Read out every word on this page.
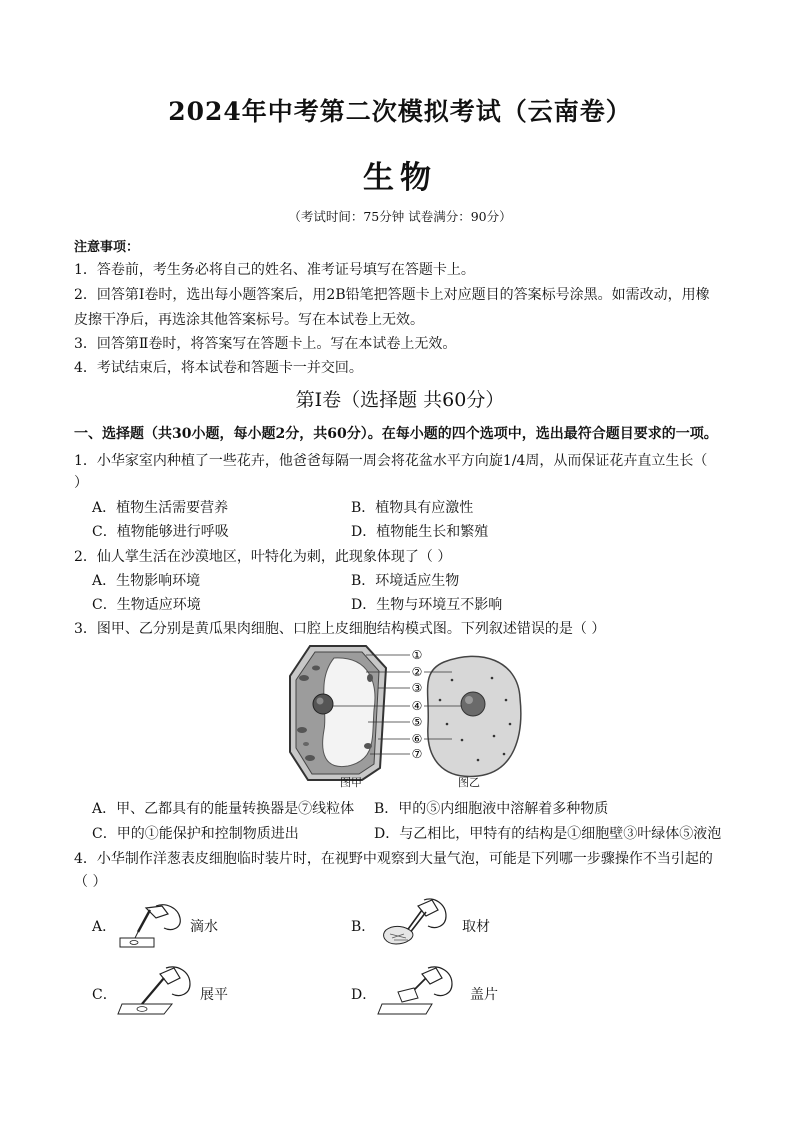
2024年中考第二次模拟考试（云南卷）
生物
（考试时间：75分钟 试卷满分：90分）
注意事项：
1．答卷前，考生务必将自己的姓名、准考证号填写在答题卡上。
2．回答第Ⅰ卷时，选出每小题答案后，用2B铅笔把答题卡上对应题目的答案标号涂黑。如需改动，用橡
皮擦干净后，再选涂其他答案标号。写在本试卷上无效。
3．回答第Ⅱ卷时，将答案写在答题卡上。写在本试卷上无效。
4．考试结束后，将本试卷和答题卡一并交回。
第Ⅰ卷（选择题 共60分）
一、选择题（共30小题，每小题2分，共60分）。在每小题的四个选项中，选出最符合题目要求的一项。
1．小华家室内种植了一些花卉，他爸爸每隔一周会将花盆水平方向旋1/4周，从而保证花卉直立生长（
）
A．植物生活需要营养	B．植物具有应激性
C．植物能够进行呼吸	D．植物能生长和繁殖
2．仙人掌生活在沙漠地区，叶特化为刺，此现象体现了（ ）
A．生物影响环境	B．环境适应生物
C．生物适应环境	D．生物与环境互不影响
3．图甲、乙分别是黄瓜果肉细胞、口腔上皮细胞结构模式图。下列叙述错误的是（ ）
①
②
③
④
⑤
⑥
⑦
图甲	图乙
A．甲、乙都具有的能量转换器是⑦线粒体 B．甲的⑤内细胞液中溶解着多种物质
C．甲的①能保护和控制物质进出	D．与乙相比，甲特有的结构是①细胞壁③叶绿体⑤液泡
4．小华制作洋葱表皮细胞临时装片时，在视野中观察到大量气泡，可能是下列哪一步骤操作不当引起的
（ ）
A．	滴水	B．	取材
C．	展平	D．	盖片
